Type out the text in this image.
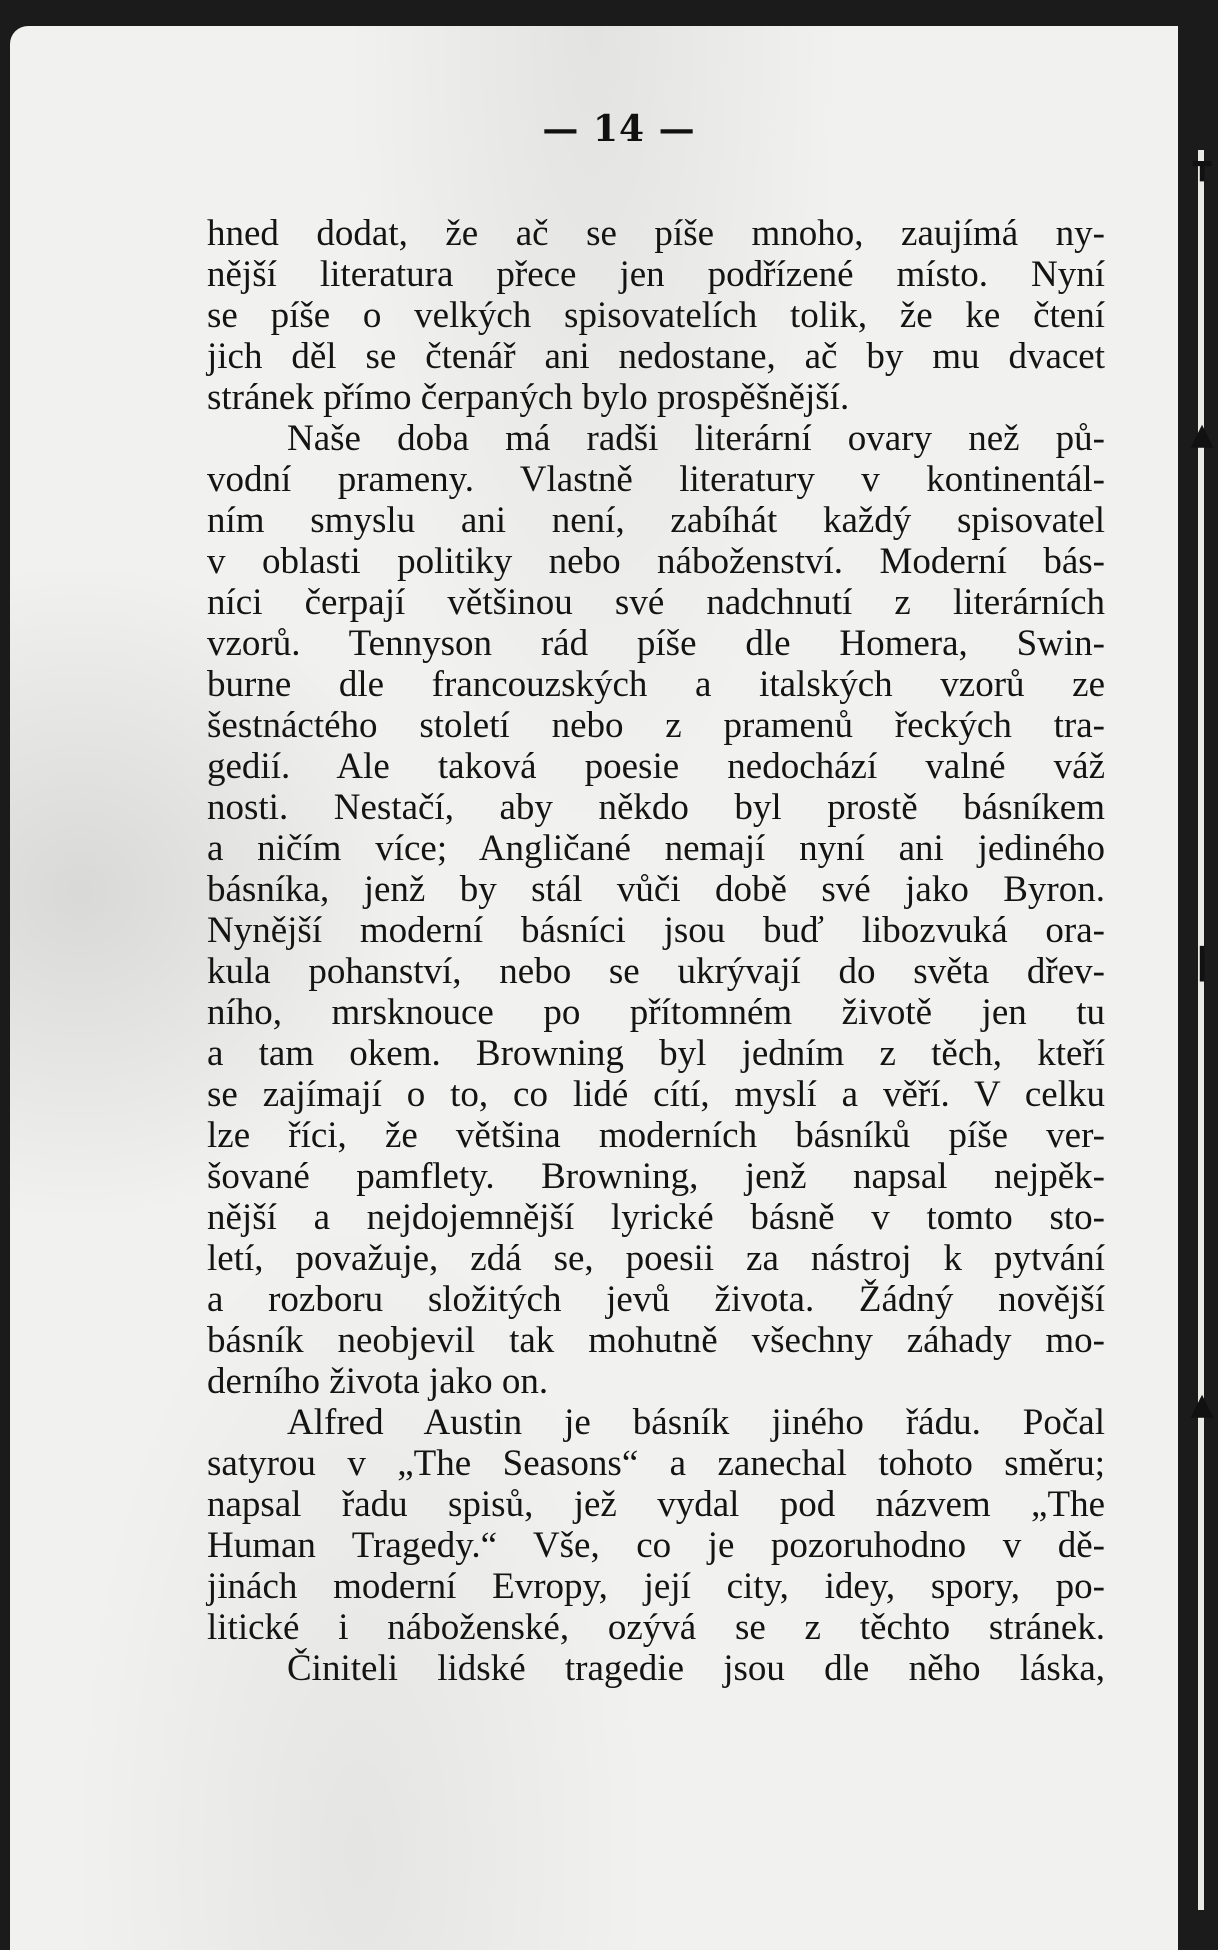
— 14 —
hned dodat, že ač se píše mnoho, zaujímá ny-
nější literatura přece jen podřízené místo. Nyní
se píše o velkých spisovatelích tolik, že ke čtení
jich děl se čtenář ani nedostane, ač by mu dvacet
stránek přímo čerpaných bylo prospěšnější.
Naše doba má radši literární ovary než pů-
vodní prameny. Vlastně literatury v kontinentál-
ním smyslu ani není, zabíhát každý spisovatel
v oblasti politiky nebo náboženství. Moderní bás-
níci čerpají většinou své nadchnutí z literárních
vzorů. Tennyson rád píše dle Homera, Swin-
burne dle francouzských a italských vzorů ze
šestnáctého století nebo z pramenů řeckých tra-
gedií. Ale taková poesie nedochází valné váž
nosti. Nestačí, aby někdo byl prostě básníkem
a ničím více; Angličané nemají nyní ani jediného
básníka, jenž by stál vůči době své jako Byron.
Nynější moderní básníci jsou buď libozvuká ora-
kula pohanství, nebo se ukrývají do světa dřev-
ního, mrsknouce po přítomném životě jen tu
a tam okem. Browning byl jedním z těch, kteří
se zajímají o to, co lidé cítí, myslí a věří. V celku
lze říci, že většina moderních básníků píše ver-
šované pamflety. Browning, jenž napsal nejpěk-
nější a nejdojemnější lyrické básně v tomto sto-
letí, považuje, zdá se, poesii za nástroj k pytvání
a rozboru složitých jevů života. Žádný novější
básník neobjevil tak mohutně všechny záhady mo-
derního života jako on.
Alfred Austin je básník jiného řádu. Počal
satyrou v „The Seasons“ a zanechal tohoto směru;
napsal řadu spisů, jež vydal pod názvem „The
Human Tragedy.“ Vše, co je pozoruhodno v dě-
jinách moderní Evropy, její city, idey, spory, po-
litické i náboženské, ozývá se z těchto stránek.
Činiteli lidské tragedie jsou dle něho láska,
┳
▲
┃
▲
